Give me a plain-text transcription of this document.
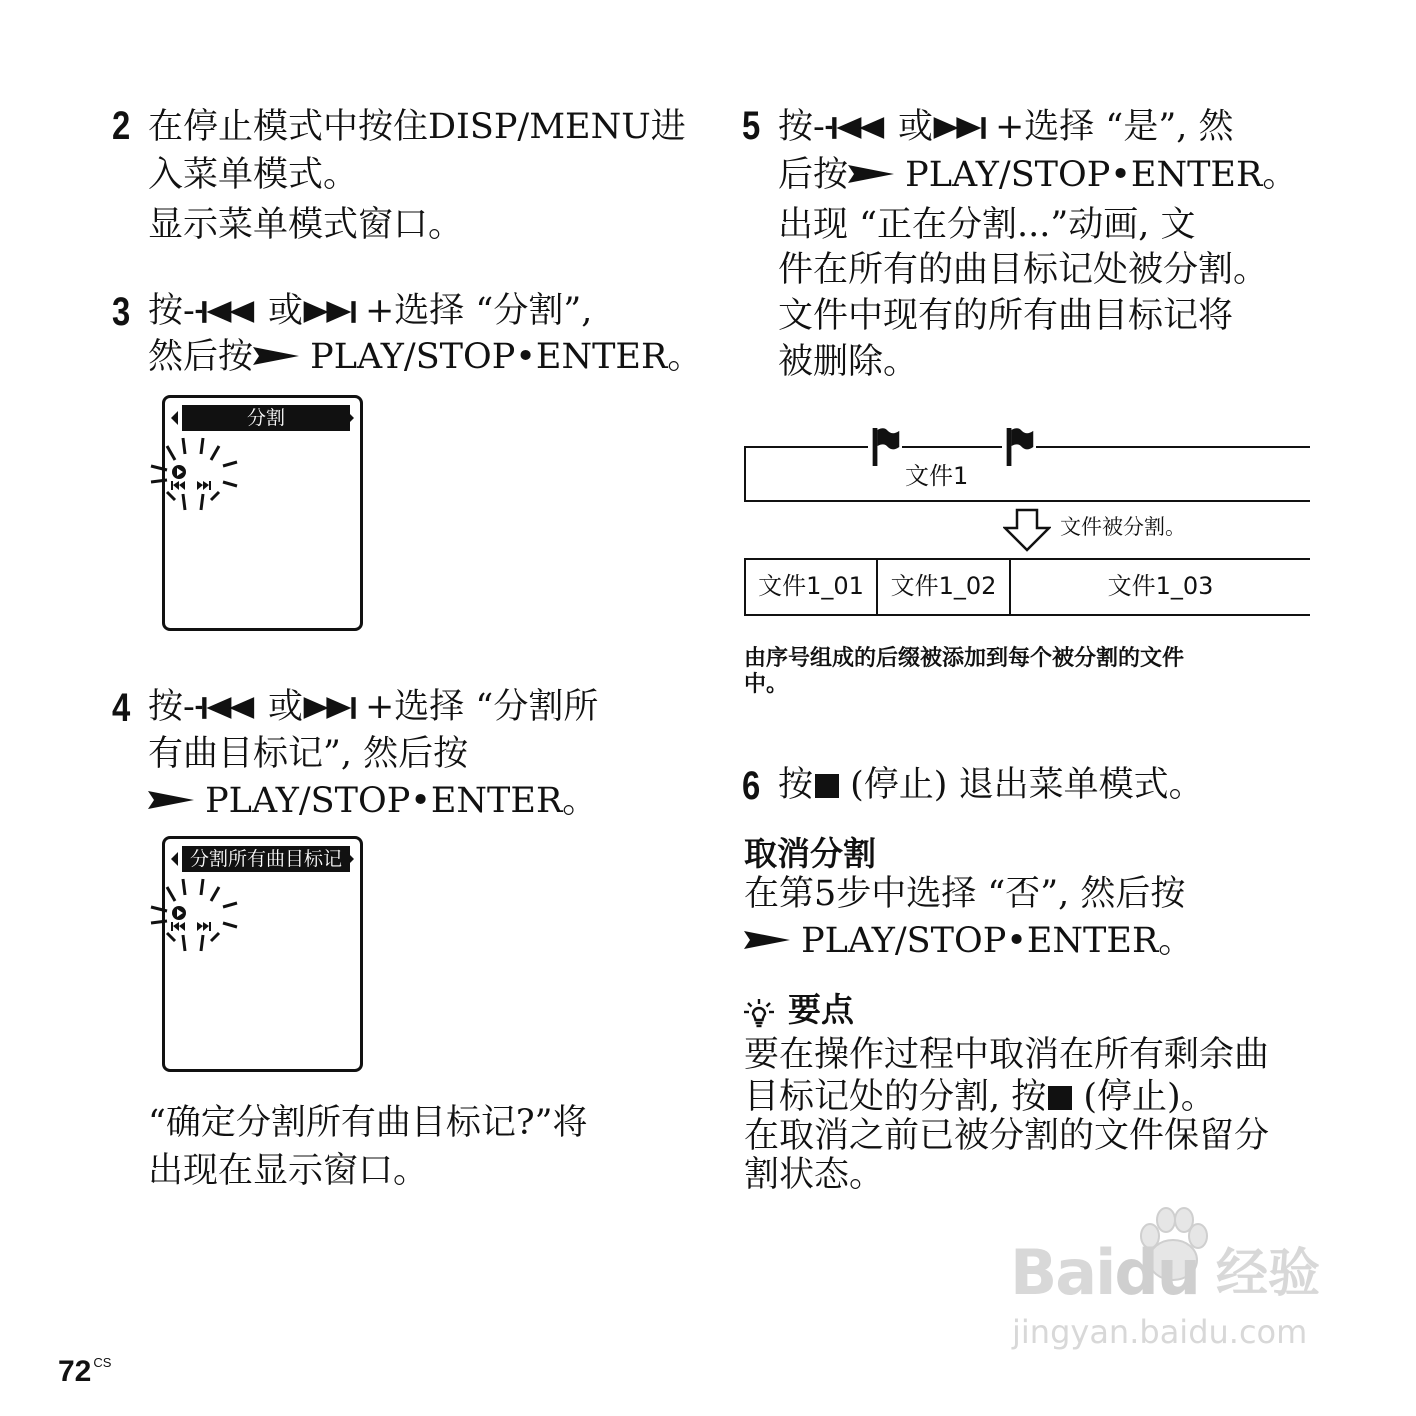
2 在停止模式中按住DISP/MENU进
入菜单模式。
显示菜单模式窗口。
3 按- 或 +选择 “分割”,
然后按 PLAY/STOP•ENTER。
分割
4 按- 或 +选择 “分割所
有曲目标记”, 然后按
PLAY/STOP•ENTER。
分割所有曲目标记
“确定分割所有曲目标记?”将
出现在显示窗口。
5 按- 或 +选择 “是”, 然
后按 PLAY/STOP•ENTER。
出现 “正在分割...”动画, 文
件在所有的曲目标记处被分割。
文件中现有的所有曲目标记将
被删除。
文件1
文件被分割。
文件1_01	文件1_02	文件1_03
由序号组成的后缀被添加到每个被分割的文件
中。
6 按 (停止) 退出菜单模式。
取消分割
在第5步中选择 “否”, 然后按
PLAY/STOP•ENTER。
要点
要在操作过程中取消在所有剩余曲
目标记处的分割, 按 (停止)。
在取消之前已被分割的文件保留分
割状态。
Baidu 经验
jingyan.baidu.com
72 $^{CS}$
